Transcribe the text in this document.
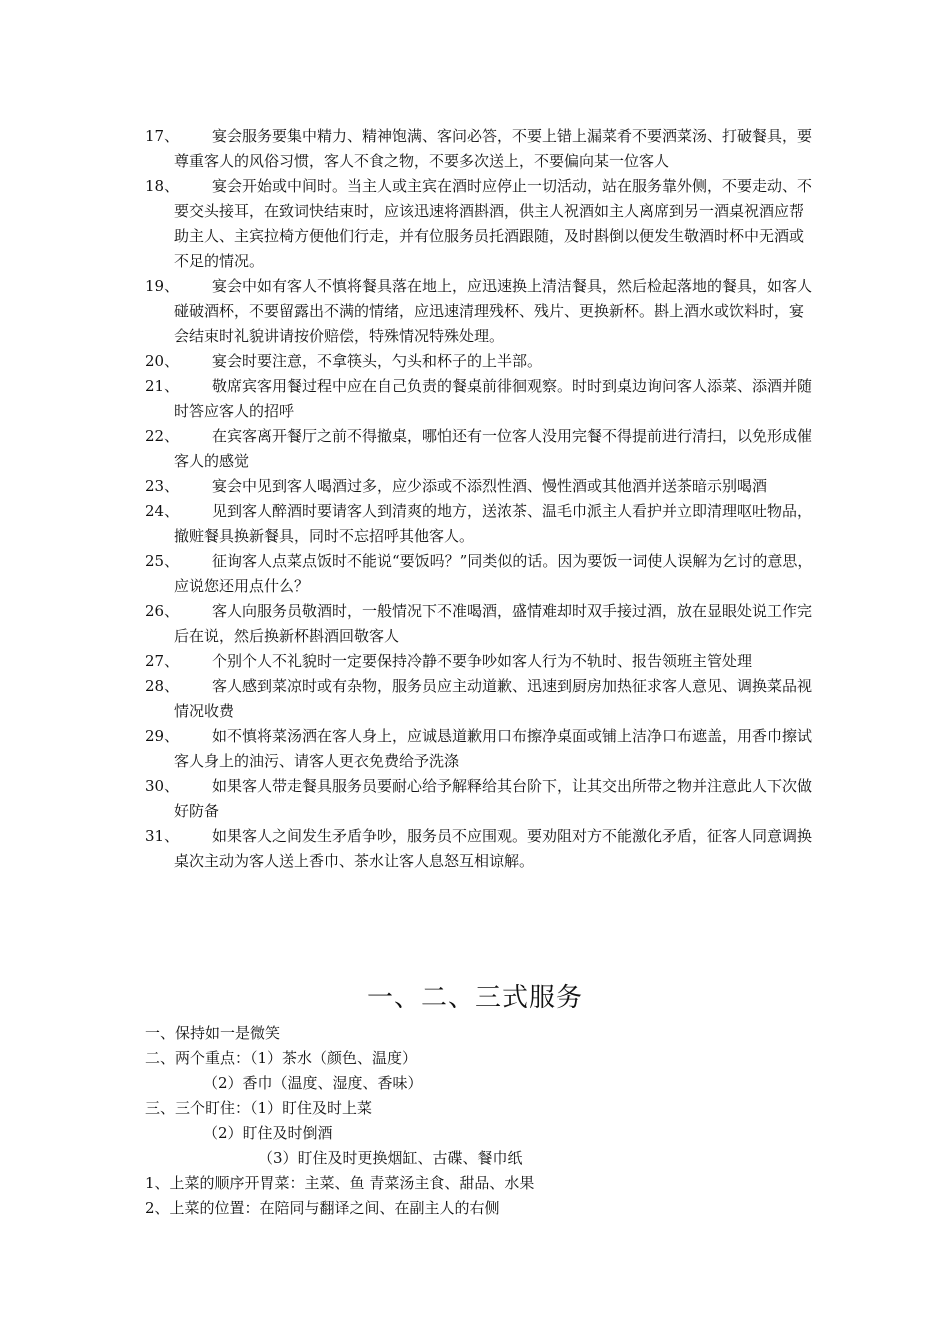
17、	宴会服务要集中精力、精神饱满、客问必答，不要上错上漏菜肴不要洒菜汤、打破餐具，要尊重客人的风俗习惯，客人不食之物，不要多次送上，不要偏向某一位客人
18、	宴会开始或中间时。当主人或主宾在酒时应停止一切活动，站在服务靠外侧，不要走动、不要交头接耳，在致词快结束时，应该迅速将酒斟酒，供主人祝酒如主人离席到另一酒桌祝酒应帮助主人、主宾拉椅方便他们行走，并有位服务员托酒跟随，及时斟倒以便发生敬酒时杯中无酒或不足的情况。
19、	宴会中如有客人不慎将餐具落在地上，应迅速换上清洁餐具，然后检起落地的餐具，如客人碰破酒杯，不要留露出不满的情绪，应迅速清理残杯、残片、更换新杯。斟上酒水或饮料时，宴会结束时礼貌讲请按价赔偿，特殊情况特殊处理。
20、	宴会时要注意，不拿筷头，勺头和杯子的上半部。
21、	敬席宾客用餐过程中应在自己负责的餐桌前徘徊观察。时时到桌边询问客人添菜、添酒并随时答应客人的招呼
22、	在宾客离开餐厅之前不得撤桌，哪怕还有一位客人没用完餐不得提前进行清扫，以免形成催客人的感觉
23、	宴会中见到客人喝酒过多，应少添或不添烈性酒、慢性酒或其他酒并送茶暗示别喝酒
24、	见到客人醉酒时要请客人到清爽的地方，送浓茶、温毛巾派主人看护并立即清理呕吐物品，撤赃餐具换新餐具，同时不忘招呼其他客人。
25、	征询客人点菜点饭时不能说“要饭吗？”同类似的话。因为要饭一词使人误解为乞讨的意思，应说您还用点什么？
26、	客人向服务员敬酒时，一般情况下不准喝酒，盛情难却时双手接过酒，放在显眼处说工作完后在说，然后换新杯斟酒回敬客人
27、	个别个人不礼貌时一定要保持冷静不要争吵如客人行为不轨时、报告领班主管处理
28、	客人感到菜凉时或有杂物，服务员应主动道歉、迅速到厨房加热征求客人意见、调换菜品视情况收费
29、	如不慎将菜汤洒在客人身上，应诚恳道歉用口布擦净桌面或铺上洁净口布遮盖，用香巾擦试客人身上的油污、请客人更衣免费给予洗涤
30、	如果客人带走餐具服务员要耐心给予解释给其台阶下，让其交出所带之物并注意此人下次做好防备
31、	如果客人之间发生矛盾争吵，服务员不应围观。要劝阻对方不能激化矛盾，征客人同意调换桌次主动为客人送上香巾、茶水让客人息怒互相谅解。
一、二、三式服务
一、保持如一是微笑
二、两个重点：（1）茶水（颜色、温度）
（2）香巾（温度、湿度、香味）
三、三个盯住：（1）盯住及时上菜
（2）盯住及时倒酒
（3）盯住及时更换烟缸、古碟、餐巾纸
1、上菜的顺序开胃菜：主菜、鱼 青菜汤主食、甜品、水果
2、上菜的位置：在陪同与翻译之间、在副主人的右侧
